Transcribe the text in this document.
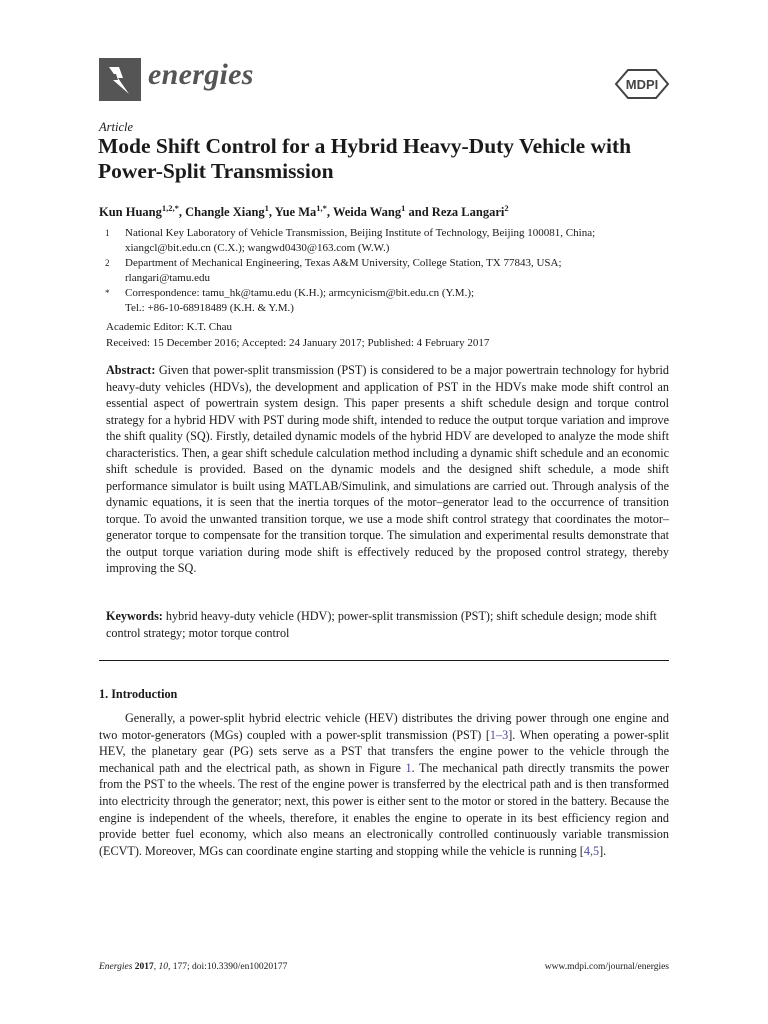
energies	MDPI
Article
Mode Shift Control for a Hybrid Heavy-Duty Vehicle with Power-Split Transmission
Kun Huang$^{1,2,*}$, Changle Xiang$^1$, Yue $Ma^{1,*}$, Weida Wang$^1$ and Reza Langari$^2$
1 National Key Laboratory of Vehicle Transmission, Beijing Institute of Technology, Beijing 100081, China;
xiangcl@bit.edu.cn (C.X.); wangwd0430@163.com (W.W.)
2 Department of Mechanical Engineering, Texas A&M University, College Station, TX 77843, USA;
rlangari@tamu.edu
* Correspondence: tamu_hk@tamu.edu (K.H.); armcynicism@bit.edu.cn (Y.M.);
Tel.: +86-10-68918489 (K.H. & Y.M.)
Academic Editor: K.T. Chau
Received: 15 December 2016; Accepted: 24 January 2017; Published: 4 February 2017

Abstract: Given that power-split transmission (PST) is considered to be a major powertrain technology for hybrid heavy-duty vehicles (HDVs), the development and application of PST in the HDVs make mode shift control an essential aspect of powertrain system design. This paper presents a shift schedule design and torque control strategy for a hybrid HDV with PST during mode shift, intended to reduce the output torque variation and improve the shift quality (SQ). Firstly, detailed dynamic models of the hybrid HDV are developed to analyze the mode shift characteristics. Then, a gear shift schedule calculation method including a dynamic shift schedule and an economic shift schedule is provided. Based on the dynamic models and the designed shift schedule, a mode shift performance simulator is built using MATLAB/Simulink, and simulations are carried out. Through analysis of the dynamic equations, it is seen that the inertia torques of the motor–generator lead to the occurrence of transition torque. To avoid the unwanted transition torque, we use a mode shift control strategy that coordinates the motor–generator torque to compensate for the transition torque. The simulation and experimental results demonstrate that the output torque variation during mode shift is effectively reduced by the proposed control strategy, thereby improving the SQ.

Keywords: hybrid heavy-duty vehicle (HDV); power-split transmission (PST); shift schedule design; mode shift control strategy; motor torque control

1. Introduction

Generally, a power-split hybrid electric vehicle (HEV) distributes the driving power through one engine and two motor-generators (MGs) coupled with a power-split transmission (PST) [1–3]. When operating a power-split HEV, the planetary gear (PG) sets serve as a PST that transfers the engine power to the vehicle through the mechanical path and the electrical path, as shown in Figure 1. The mechanical path directly transmits the power from the PST to the wheels. The rest of the engine power is transferred by the electrical path and is then transformed into electricity through the generator; next, this power is either sent to the motor or stored in the battery. Because the engine is independent of the wheels, therefore, it enables the engine to operate in its best efficiency region and provide better fuel economy, which also means an electronically controlled continuously variable transmission (ECVT). Moreover, MGs can coordinate engine starting and stopping while the vehicle is running [4,5].

Energies 2017, 10, 177; doi:10.3390/en10020177	www.mdpi.com/journal/energies
